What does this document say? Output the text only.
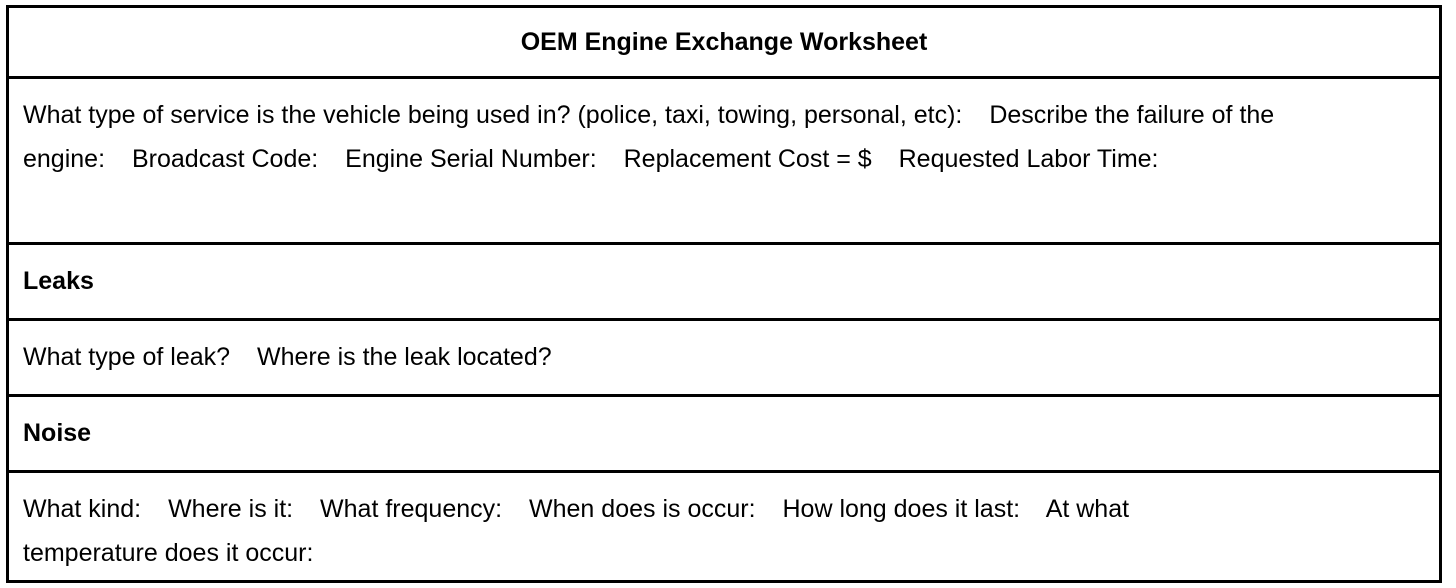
OEM Engine Exchange Worksheet
What type of service is the vehicle being used in? (police, taxi, towing, personal, etc): Describe the failure of the engine: Broadcast Code: Engine Serial Number: Replacement Cost = $ Requested Labor Time:
Leaks
What type of leak? Where is the leak located?
Noise
What kind: Where is it: What frequency: When does is occur: How long does it last: At what temperature does it occur:
